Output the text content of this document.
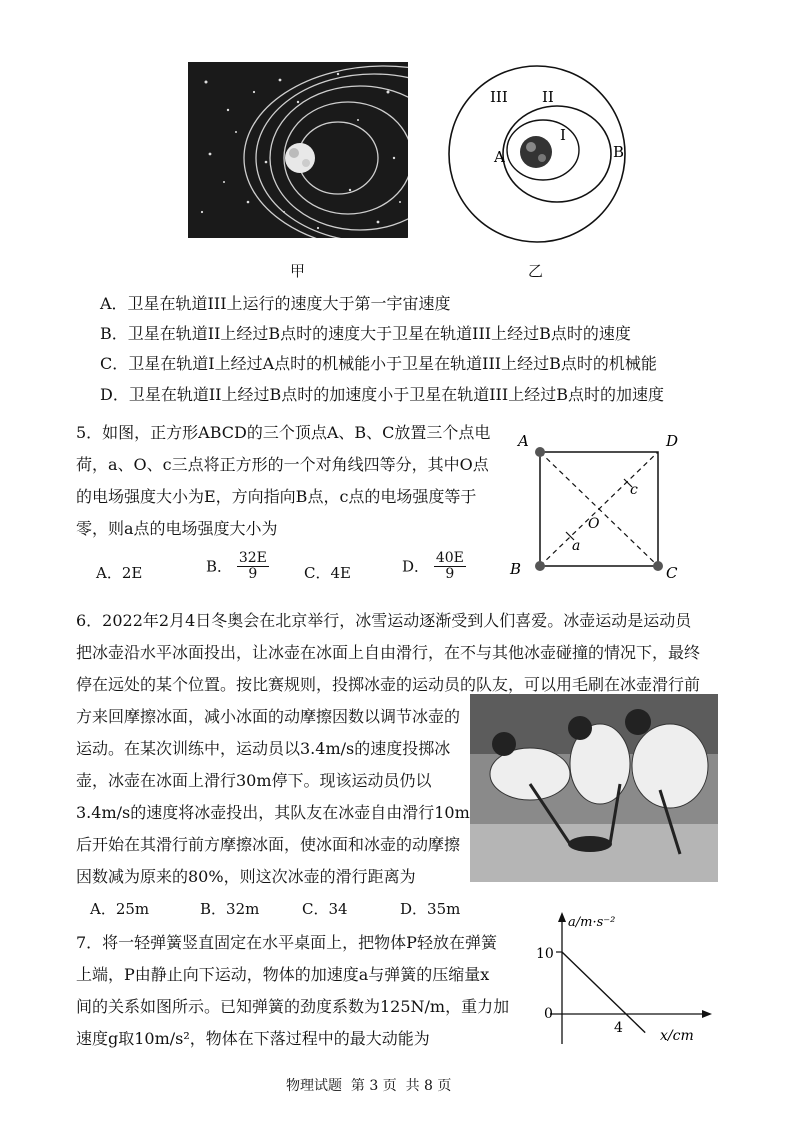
甲
III II
I
A	B
乙
A．卫星在轨道III上运行的速度大于第一宇宙速度
B．卫星在轨道II上经过B点时的速度大于卫星在轨道III上经过B点时的速度
C．卫星在轨道I上经过A点时的机械能小于卫星在轨道III上经过B点时的机械能
D．卫星在轨道II上经过B点时的加速度小于卫星在轨道III上经过B点时的加速度
5．如图，正方形ABCD的三个顶点A、B、C放置三个点电
荷，a、O、c三点将正方形的一个对角线四等分，其中O点
的电场强度大小为E，方向指向B点，c点的电场强度等于
零，则a点的电场强度大小为
A．2E	B． $\frac{32E}{9}$ C．4E	D． $\frac{40E}{9}$
A	D
B	C
O
c
a
6．2022年2月4日冬奥会在北京举行，冰雪运动逐渐受到人们喜爱。冰壶运动是运动员
把冰壶沿水平冰面投出，让冰壶在冰面上自由滑行，在不与其他冰壶碰撞的情况下，最终
停在远处的某个位置。按比赛规则，投掷冰壶的运动员的队友，可以用毛刷在冰壶滑行前
方来回摩擦冰面，减小冰面的动摩擦因数以调节冰壶的
运动。在某次训练中，运动员以3.4m/s的速度投掷冰
壶，冰壶在冰面上滑行30m停下。现该运动员仍以
3.4m/s的速度将冰壶投出，其队友在冰壶自由滑行10m
后开始在其滑行前方摩擦冰面，使冰面和冰壶的动摩擦
因数减为原来的80%，则这次冰壶的滑行距离为
A．25m	B．32m	C．34	D．35m
7．将一轻弹簧竖直固定在水平桌面上，把物体P轻放在弹簧
上端，P由静止向下运动，物体的加速度a与弹簧的压缩量x
间的关系如图所示。已知弹簧的劲度系数为125N/m，重力加
速度g取10m/s²，物体在下落过程中的最大动能为
a/m·s⁻²
x/cm
10
0
4
物理试题  第 3 页  共 8 页
